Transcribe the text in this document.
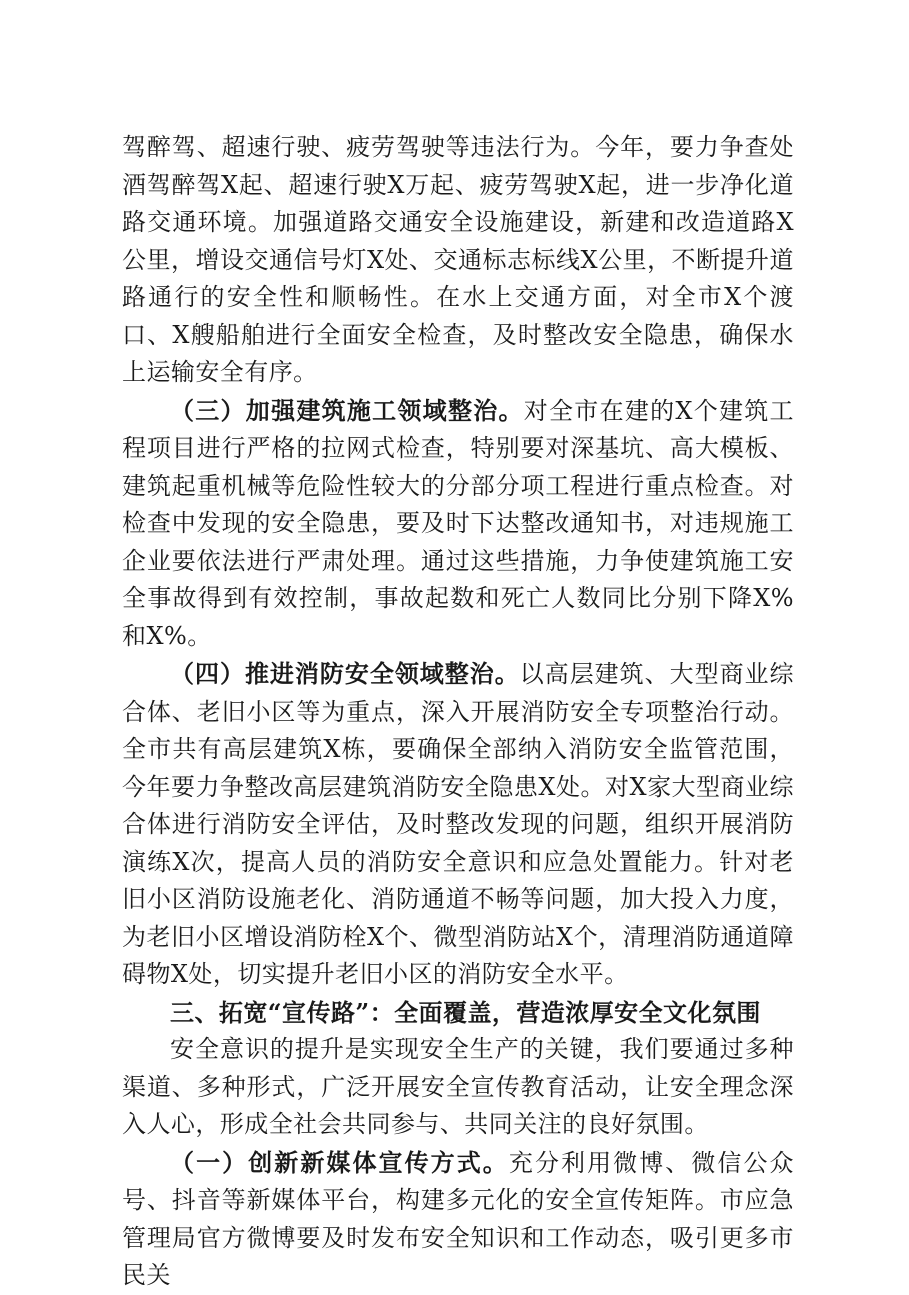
驾醉驾、超速行驶、疲劳驾驶等违法行为。今年，要力争查处酒驾醉驾X起、超速行驶X万起、疲劳驾驶X起，进一步净化道路交通环境。加强道路交通安全设施建设，新建和改造道路X公里，增设交通信号灯X处、交通标志标线X公里，不断提升道路通行的安全性和顺畅性。在水上交通方面，对全市X个渡口、X艘船舶进行全面安全检查，及时整改安全隐患，确保水上运输安全有序。

（三）加强建筑施工领域整治。对全市在建的X个建筑工程项目进行严格的拉网式检查，特别要对深基坑、高大模板、建筑起重机械等危险性较大的分部分项工程进行重点检查。对检查中发现的安全隐患，要及时下达整改通知书，对违规施工企业要依法进行严肃处理。通过这些措施，力争使建筑施工安全事故得到有效控制，事故起数和死亡人数同比分别下降X%和X%。

（四）推进消防安全领域整治。以高层建筑、大型商业综合体、老旧小区等为重点，深入开展消防安全专项整治行动。全市共有高层建筑X栋，要确保全部纳入消防安全监管范围，今年要力争整改高层建筑消防安全隐患X处。对X家大型商业综合体进行消防安全评估，及时整改发现的问题，组织开展消防演练X次，提高人员的消防安全意识和应急处置能力。针对老旧小区消防设施老化、消防通道不畅等问题，加大投入力度，为老旧小区增设消防栓X个、微型消防站X个，清理消防通道障碍物X处，切实提升老旧小区的消防安全水平。

三、拓宽“宣传路”：全面覆盖，营造浓厚安全文化氛围

安全意识的提升是实现安全生产的关键，我们要通过多种渠道、多种形式，广泛开展安全宣传教育活动，让安全理念深入人心，形成全社会共同参与、共同关注的良好氛围。

（一）创新新媒体宣传方式。充分利用微博、微信公众号、抖音等新媒体平台，构建多元化的安全宣传矩阵。市应急管理局官方微博要及时发布安全知识和工作动态，吸引更多市民关
